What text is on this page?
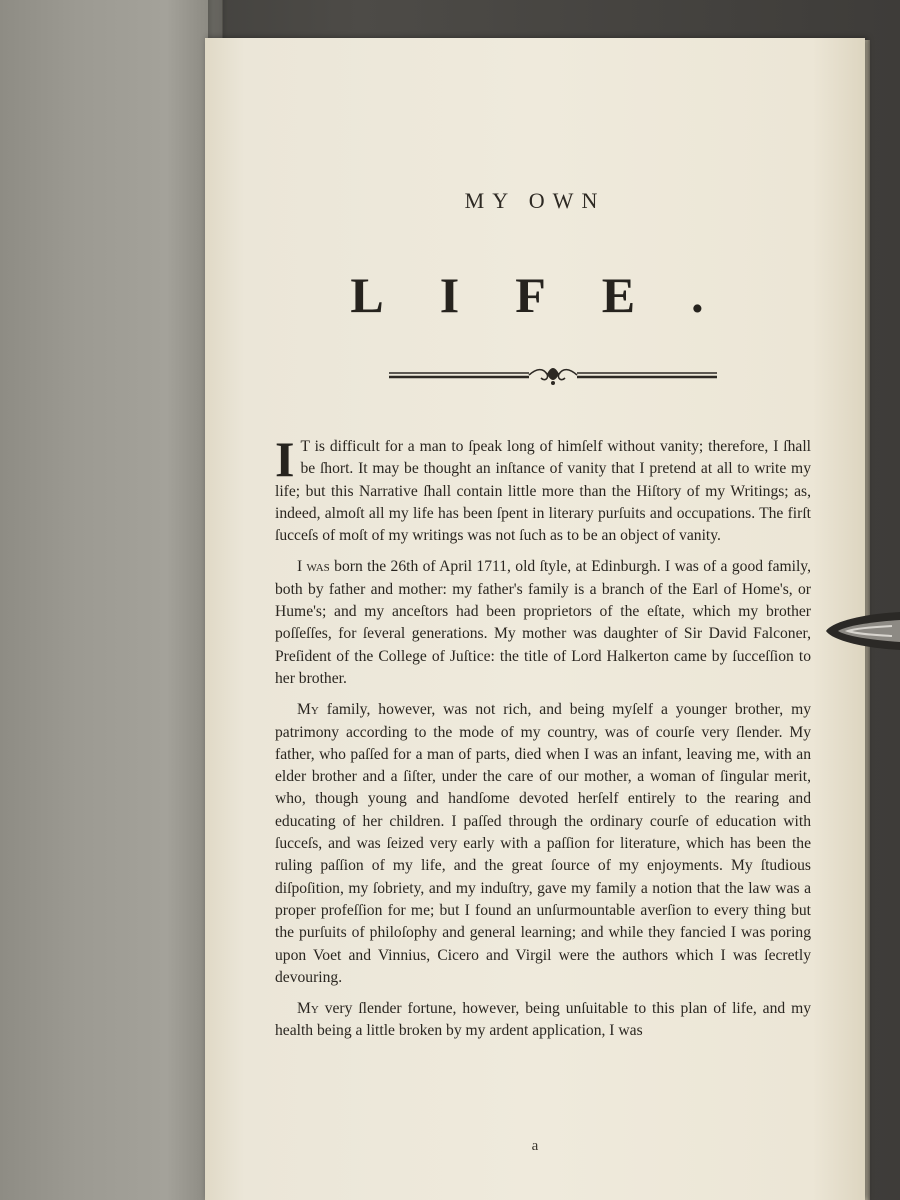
MY OWN
LIFE.

I T is difficult for a man to ſpeak long of himſelf without vanity; therefore, I ſhall be ſhort. It may be thought an inſtance of vanity that I pretend at all to write my life; but this Narrative ſhall contain little more than the Hiſtory of my Writings; as, indeed, almoſt all my life has been ſpent in literary purſuits and occupations. The firſt ſucceſs of moſt of my writings was not ſuch as to be an object of vanity.

I was born the 26th of April 1711, old ſtyle, at Edinburgh. I was of a good family, both by father and mother: my father's family is a branch of the Earl of Home's, or Hume's; and my anceſtors had been proprietors of the eſtate, which my brother poſſeſſes, for ſeveral generations. My mother was daughter of Sir David Falconer, Preſident of the College of Juſtice: the title of Lord Halkerton came by ſucceſſion to her brother.

My family, however, was not rich, and being myſelf a younger brother, my patrimony according to the mode of my country, was of courſe very ſlender. My father, who paſſed for a man of parts, died when I was an infant, leaving me, with an elder brother and a ſiſter, under the care of our mother, a woman of ſingular merit, who, though young and handſome devoted herſelf entirely to the rearing and educating of her children. I paſſed through the ordinary courſe of education with ſucceſs, and was ſeized very early with a paſſion for literature, which has been the ruling paſſion of my life, and the great ſource of my enjoyments. My ſtudious diſpoſition, my ſobriety, and my induſtry, gave my family a notion that the law was a proper profeſſion for me; but I found an unſurmountable averſion to every thing but the purſuits of philoſophy and general learning; and while they fancied I was poring upon Voet and Vinnius, Cicero and Virgil were the authors which I was ſecretly devouring.

My very ſlender fortune, however, being unſuitable to this plan of life, and my health being a little broken by my ardent application, I was

a
